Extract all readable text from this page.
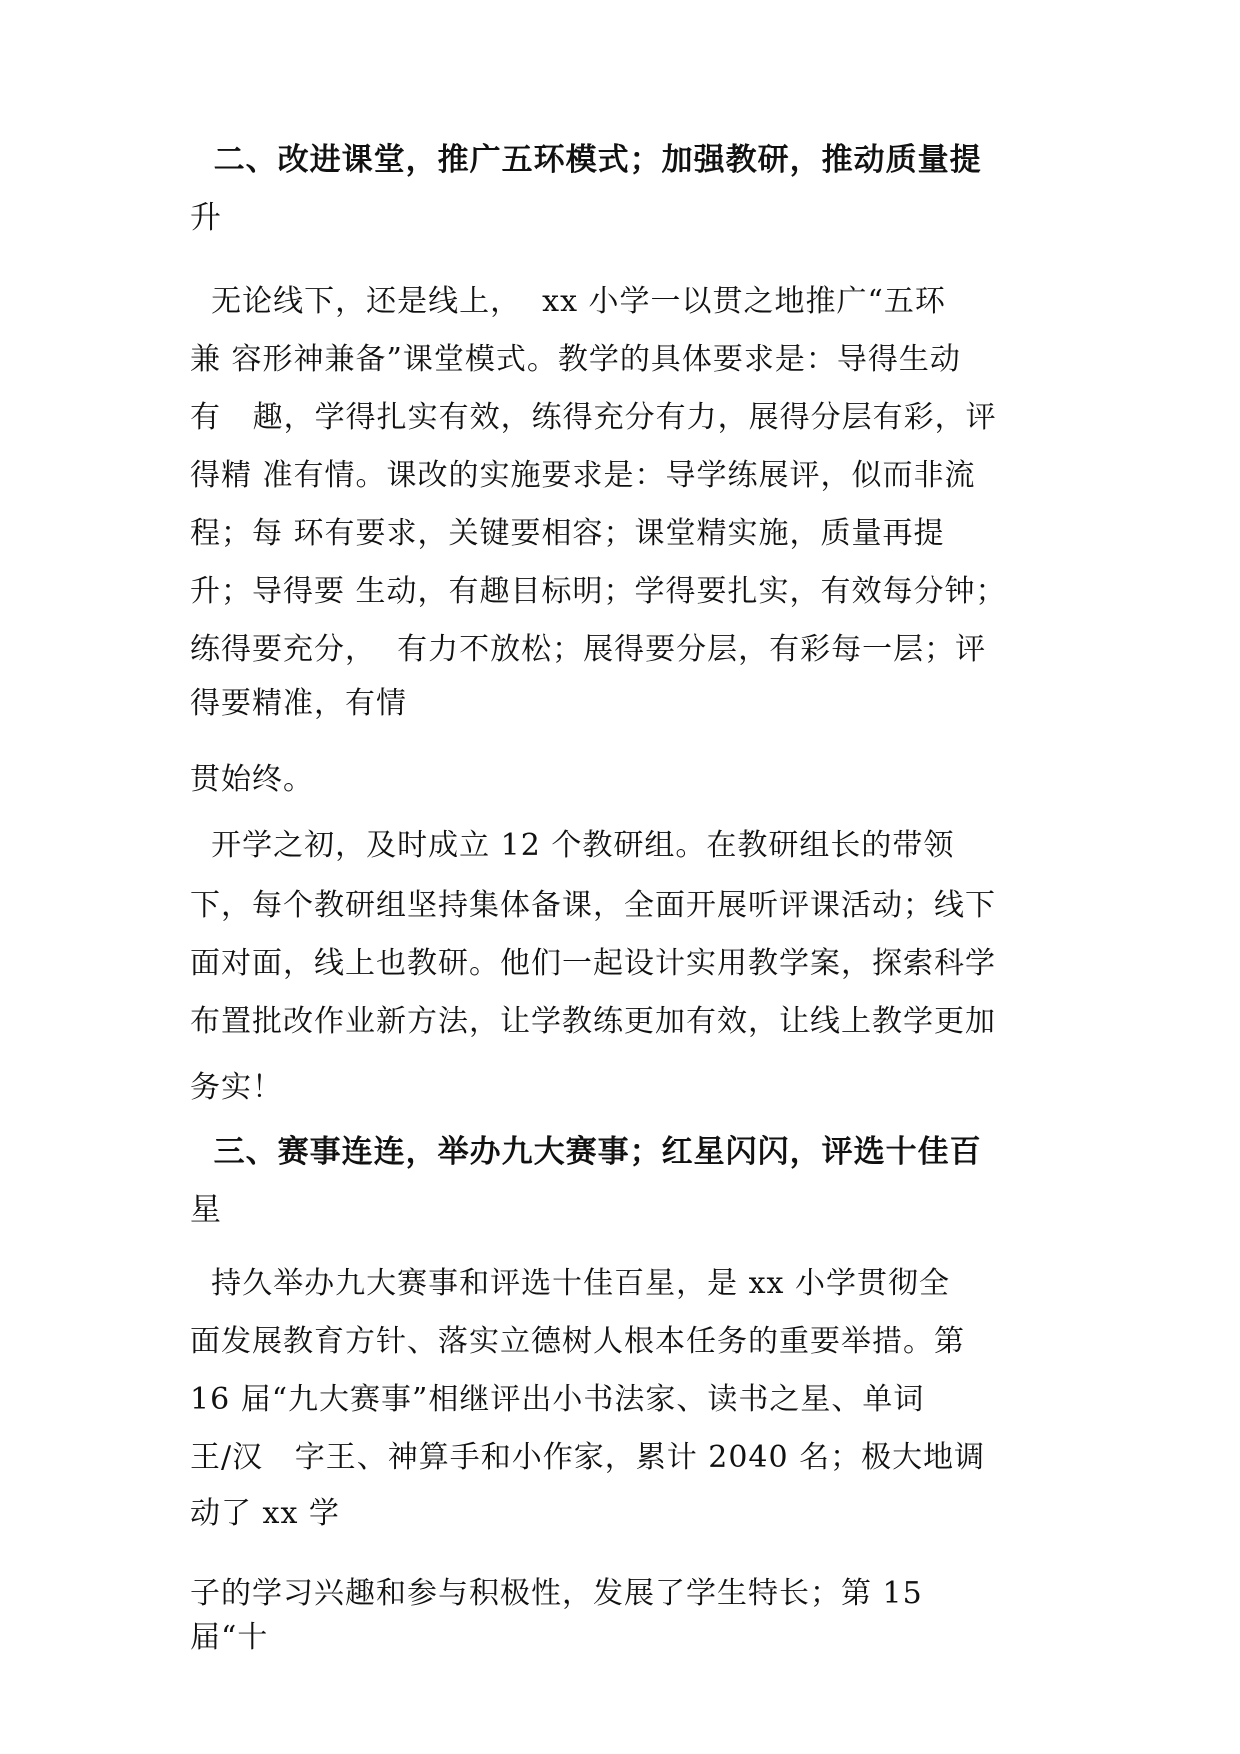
二、改进课堂，推广五环模式；加强教研，推动质量提
升
无论线下，还是线上，  xx 小学一以贯之地推广“五环
兼 容形神兼备”课堂模式。教学的具体要求是：导得生动
有   趣，学得扎实有效，练得充分有力，展得分层有彩，评
得精 准有情。课改的实施要求是：导学练展评，似而非流
程；每 环有要求，关键要相容；课堂精实施，质量再提
升；导得要 生动，有趣目标明；学得要扎实，有效每分钟；
练得要充分，  有力不放松；展得要分层，有彩每一层；评
得要精准，有情
贯始终。
开学之初，及时成立 12 个教研组。在教研组长的带领
下，每个教研组坚持集体备课，全面开展听评课活动；线下
面对面，线上也教研。他们一起设计实用教学案，探索科学
布置批改作业新方法，让学教练更加有效，让线上教学更加
务实！
三、赛事连连，举办九大赛事；红星闪闪，评选十佳百
星
持久举办九大赛事和评选十佳百星，是 xx 小学贯彻全
面发展教育方针、落实立德树人根本任务的重要举措。第
16 届“九大赛事”相继评出小书法家、读书之星、单词
王/汉   字王、神算手和小作家，累计 2040 名；极大地调
动了 xx 学
子的学习兴趣和参与积极性，发展了学生特长；第 15
届“十
